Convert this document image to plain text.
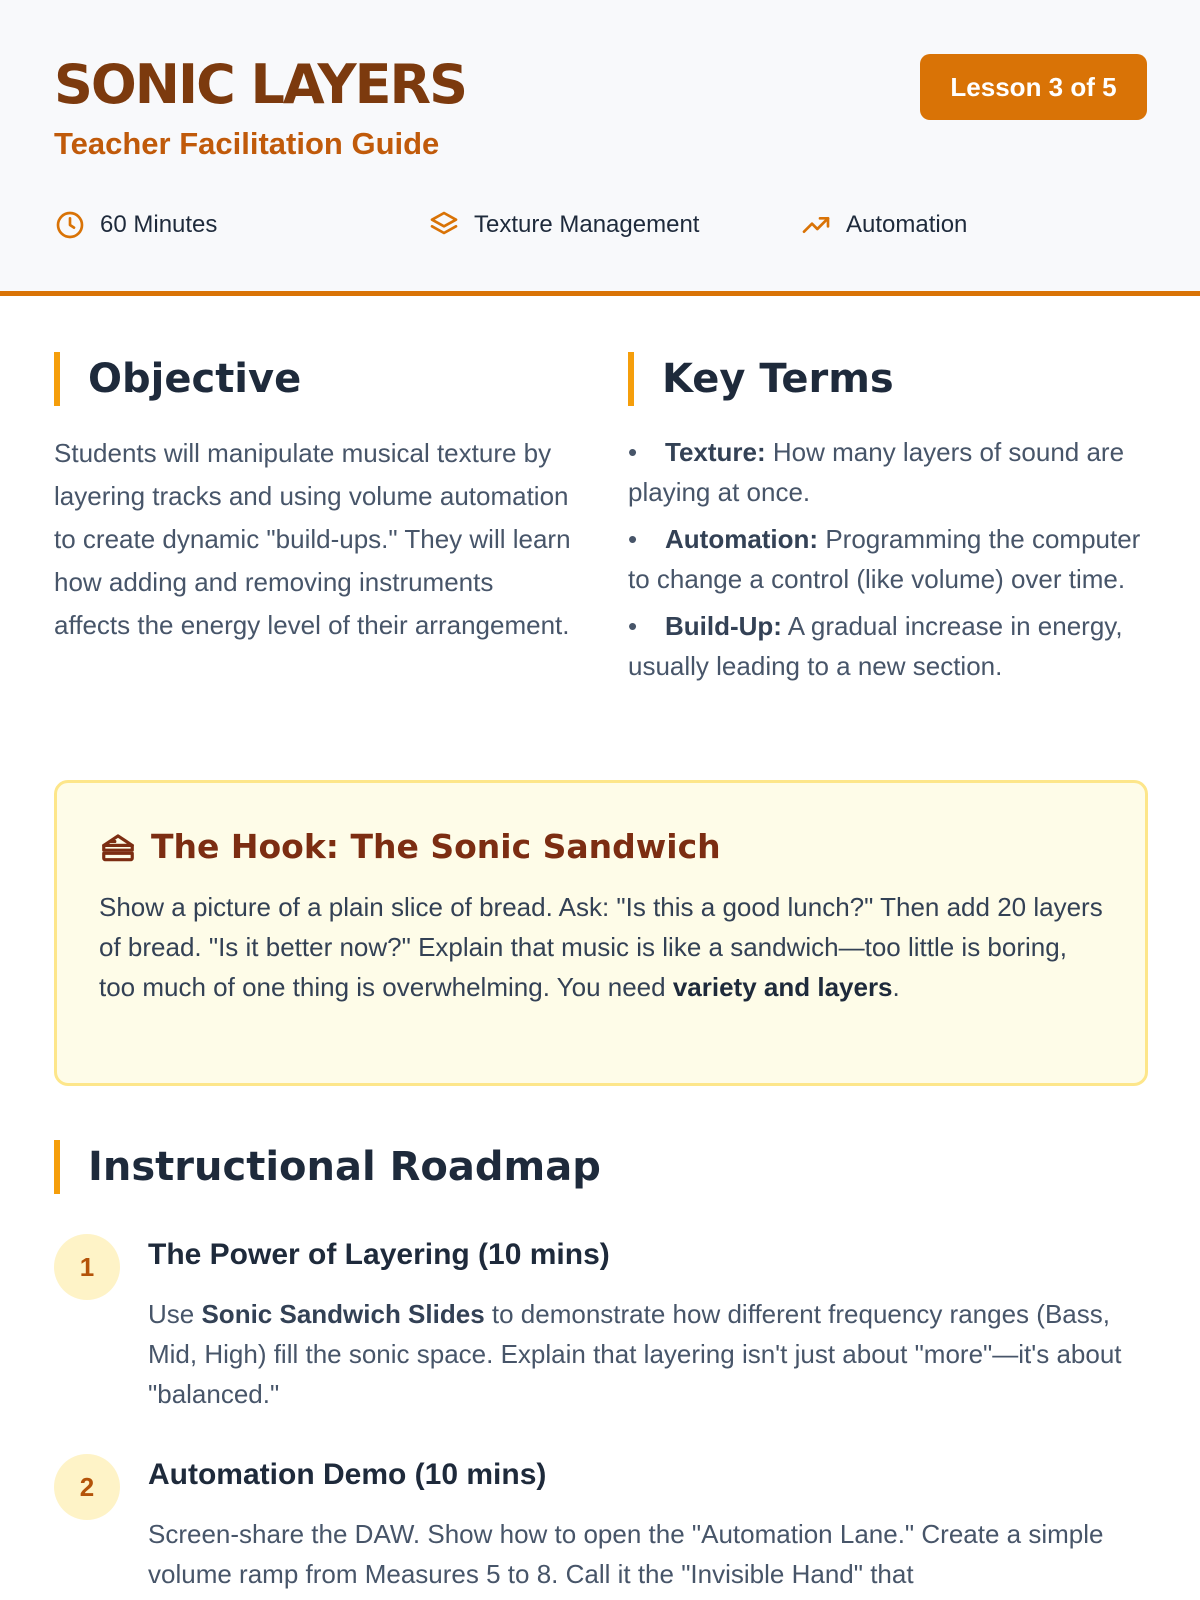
SONIC LAYERS
Teacher Facilitation Guide
Lesson 3 of 5
60 Minutes	Texture Management	Automation
Objective

Students will manipulate musical texture by layering tracks and using volume automation to create dynamic "build-ups." They will learn how adding and removing instruments affects the energy level of their arrangement.

Key Terms
• Texture: How many layers of sound are playing at once.
• Automation: Programming the computer to change a control (like volume) over time.
• Build-Up: A gradual increase in energy, usually leading to a new section.
The Hook: The Sonic Sandwich

Show a picture of a plain slice of bread. Ask: "Is this a good lunch?" Then add 20 layers of bread. "Is it better now?" Explain that music is like a sandwich—too little is boring, too much of one thing is overwhelming. You need variety and layers.

Instructional Roadmap
1	The Power of Layering (10 mins)

Use Sonic Sandwich Slides to demonstrate how different frequency ranges (Bass, Mid, High) fill the sonic space. Explain that layering isn't just about "more"—it's about "balanced."

2	Automation Demo (10 mins)

Screen-share the DAW. Show how to open the "Automation Lane." Create a simple volume ramp from Measures 5 to 8. Call it the "Invisible Hand" that
